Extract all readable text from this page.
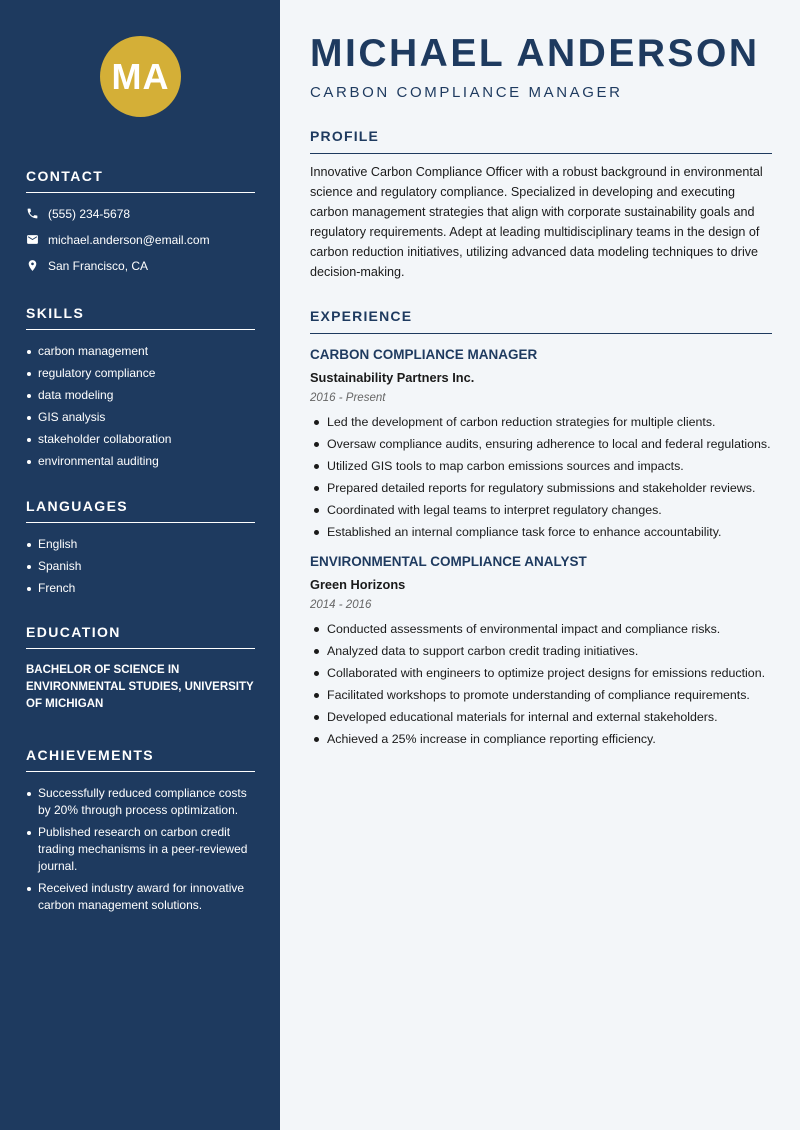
MA
CONTACT
(555) 234-5678
michael.anderson@email.com
San Francisco, CA
SKILLS
carbon management
regulatory compliance
data modeling
GIS analysis
stakeholder collaboration
environmental auditing
LANGUAGES
English
Spanish
French
EDUCATION
BACHELOR OF SCIENCE IN ENVIRONMENTAL STUDIES, UNIVERSITY OF MICHIGAN
ACHIEVEMENTS
Successfully reduced compliance costs by 20% through process optimization.
Published research on carbon credit trading mechanisms in a peer-reviewed journal.
Received industry award for innovative carbon management solutions.
MICHAEL ANDERSON
CARBON COMPLIANCE MANAGER
PROFILE
Innovative Carbon Compliance Officer with a robust background in environmental science and regulatory compliance. Specialized in developing and executing carbon management strategies that align with corporate sustainability goals and regulatory requirements. Adept at leading multidisciplinary teams in the design of carbon reduction initiatives, utilizing advanced data modeling techniques to drive decision-making.
EXPERIENCE
CARBON COMPLIANCE MANAGER
Sustainability Partners Inc.
2016 - Present
Led the development of carbon reduction strategies for multiple clients.
Oversaw compliance audits, ensuring adherence to local and federal regulations.
Utilized GIS tools to map carbon emissions sources and impacts.
Prepared detailed reports for regulatory submissions and stakeholder reviews.
Coordinated with legal teams to interpret regulatory changes.
Established an internal compliance task force to enhance accountability.
ENVIRONMENTAL COMPLIANCE ANALYST
Green Horizons
2014 - 2016
Conducted assessments of environmental impact and compliance risks.
Analyzed data to support carbon credit trading initiatives.
Collaborated with engineers to optimize project designs for emissions reduction.
Facilitated workshops to promote understanding of compliance requirements.
Developed educational materials for internal and external stakeholders.
Achieved a 25% increase in compliance reporting efficiency.
